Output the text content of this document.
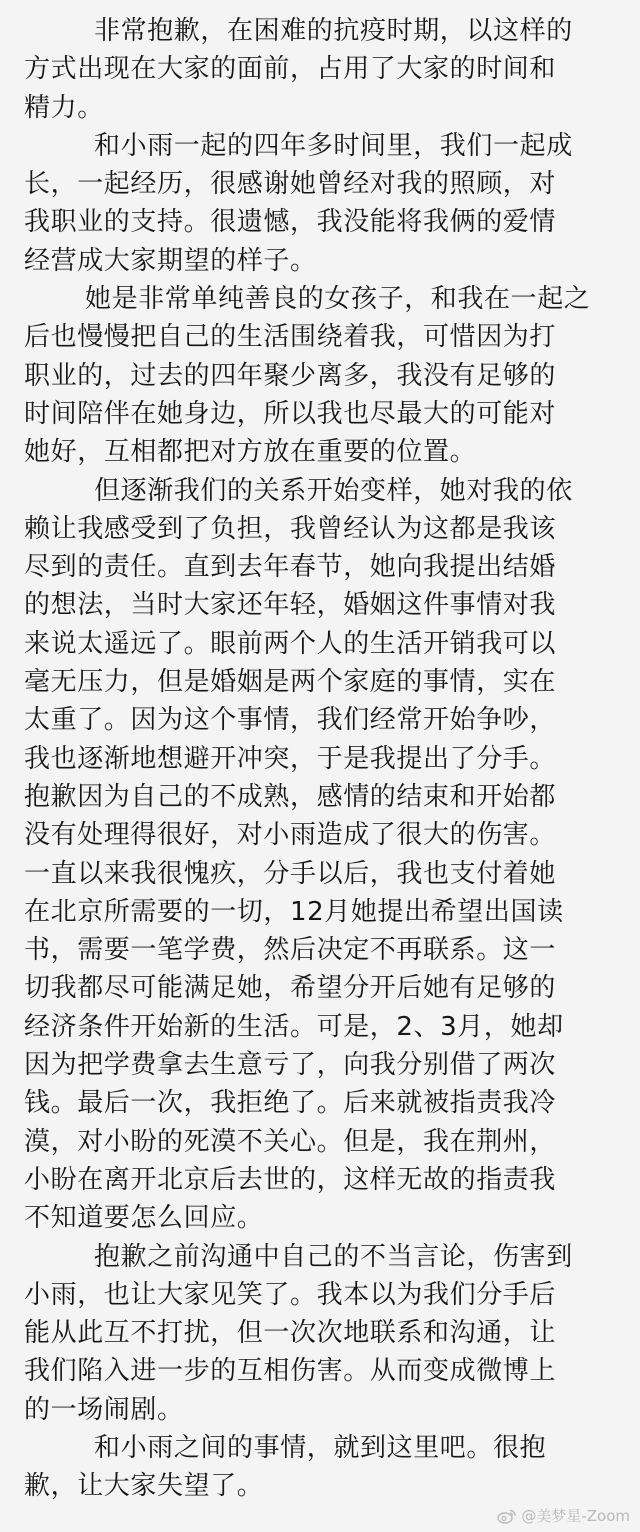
非常抱歉，在困难的抗疫时期，以这样的
方式出现在大家的面前，占用了大家的时间和
精力。
和小雨一起的四年多时间里，我们一起成
长，一起经历，很感谢她曾经对我的照顾，对
我职业的支持。很遗憾，我没能将我俩的爱情
经营成大家期望的样子。
她是非常单纯善良的女孩子，和我在一起之
后也慢慢把自己的生活围绕着我，可惜因为打
职业的，过去的四年聚少离多，我没有足够的
时间陪伴在她身边，所以我也尽最大的可能对
她好，互相都把对方放在重要的位置。
但逐渐我们的关系开始变样，她对我的依
赖让我感受到了负担，我曾经认为这都是我该
尽到的责任。直到去年春节，她向我提出结婚
的想法，当时大家还年轻，婚姻这件事情对我
来说太遥远了。眼前两个人的生活开销我可以
毫无压力，但是婚姻是两个家庭的事情，实在
太重了。因为这个事情，我们经常开始争吵，
我也逐渐地想避开冲突，于是我提出了分手。
抱歉因为自己的不成熟，感情的结束和开始都
没有处理得很好，对小雨造成了很大的伤害。
一直以来我很愧疚，分手以后，我也支付着她
在北京所需要的一切，12月她提出希望出国读
书，需要一笔学费，然后决定不再联系。这一
切我都尽可能满足她，希望分开后她有足够的
经济条件开始新的生活。可是，2、3月，她却
因为把学费拿去生意亏了，向我分别借了两次
钱。最后一次，我拒绝了。后来就被指责我冷
漠，对小盼的死漠不关心。但是，我在荆州，
小盼在离开北京后去世的，这样无故的指责我
不知道要怎么回应。
抱歉之前沟通中自己的不当言论，伤害到
小雨，也让大家见笑了。我本以为我们分手后
能从此互不打扰，但一次次地联系和沟通，让
我们陷入进一步的互相伤害。从而变成微博上
的一场闹剧。
和小雨之间的事情，就到这里吧。很抱
歉，让大家失望了。
@美梦星-Zoom
